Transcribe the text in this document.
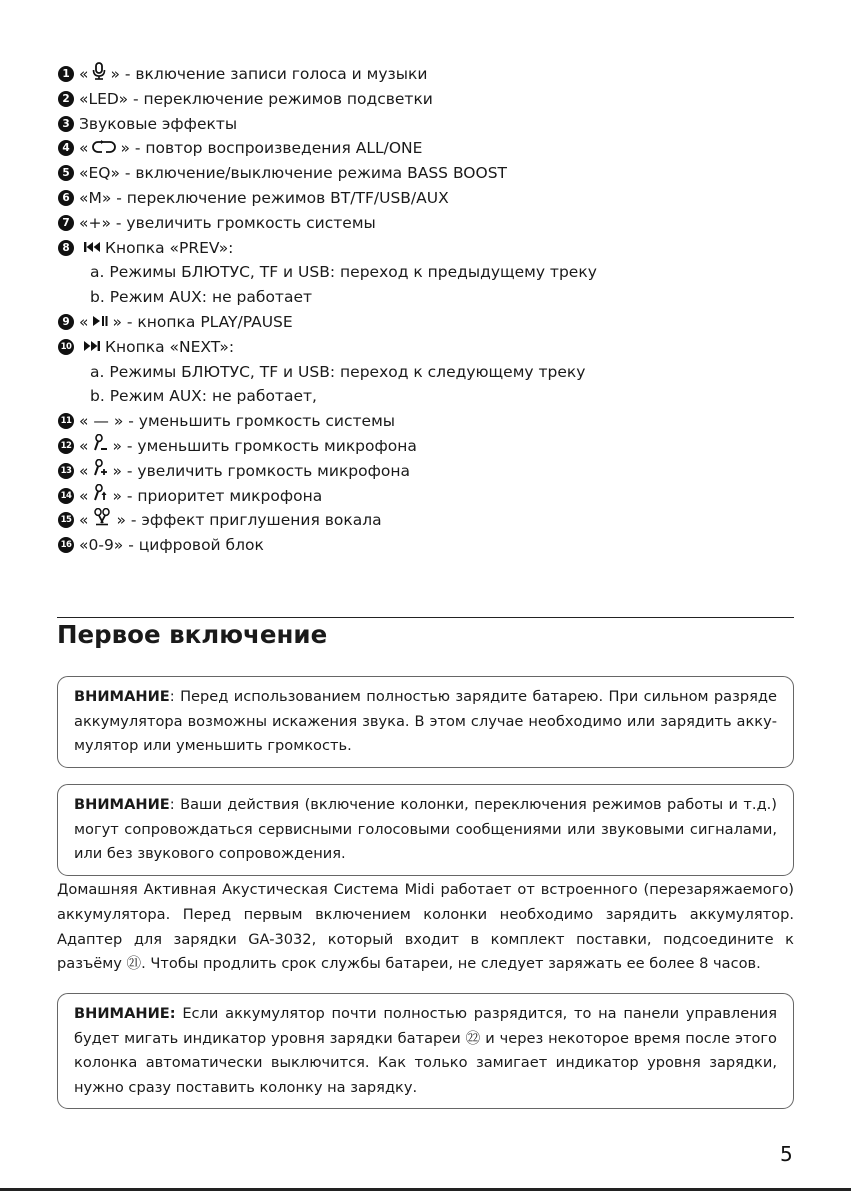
1 « » - включение записи голоса и музыки
2 «LED» - переключение режимов подсветки
3 Звуковые эффекты
4 « » - повтор воспроизведения ALL/ONE
5 «EQ» - включение/выключение режима BASS BOOST
6 «M» - переключение режимов BT/TF/USB/AUX
7 «+» - увеличить громкость системы
8	Кнопка «PREV»:
a. Режимы БЛЮТУС, TF и USB: переход к предыдущему треку
b. Режим AUX: не работает
9 « » - кнопка PLAY/PAUSE
10	Кнопка «NEXT»:
a. Режимы БЛЮТУС, TF и USB: переход к следующему треку
b. Режим AUX: не работает,
11 « — » - уменьшить громкость системы
12 « » - уменьшить громкость микрофона
13 « » - увеличить громкость микрофона
14 « » - приоритет микрофона
15 « » - эффект приглушения вокала
16 «0-9» - цифровой блок
Первое включение
ВНИМАНИЕ: Перед использованием полностью зарядите батарею. При сильном разряде аккумулятора возможны искажения звука. В этом случае необходимо или зарядить акку-мулятор или уменьшить громкость.
ВНИМАНИЕ: Ваши действия (включение колонки, переключения режимов работы и т.д.) могут сопровождаться сервисными голосовыми сообщениями или звуковыми сигналами, или без звукового сопровождения.

Домашняя Активная Акустическая Система Midi работает от встроенного (перезаряжаемого) аккумулятора. Перед первым включением колонки необходимо зарядить аккумулятор. Адаптер для зарядки GA-3032, который входит в комплект поставки, подсоедините к разъёму ㉑. Чтобы продлить срок службы батареи, не следует заряжать ее более 8 часов.

ВНИМАНИЕ: Если аккумулятор почти полностью разрядится, то на панели управления будет мигать индикатор уровня зарядки батареи ㉒ и через некоторое время после этого колонка автоматически выключится. Как только замигает индикатор уровня зарядки, нужно сразу поставить колонку на зарядку.
5
